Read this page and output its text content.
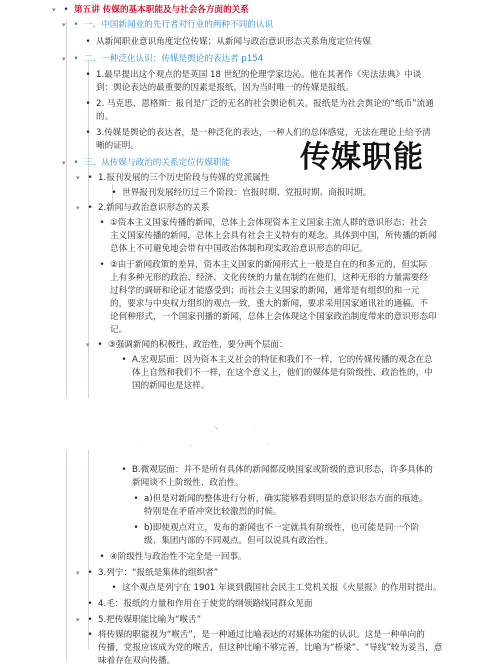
▾ • 第五讲 传媒的基本职能及与社会各方面的关系
▾ • 一、中国新闻业的先行者对行业的两种不同的认识
• 从新闻职业意识角度定位传媒；从新闻与政治意识形态关系角度定位传媒
▾ • 二、一种泛化认识：传媒是舆论的表达者 p154
• 1.最早提出这个观点的是英国 18 世纪的伦理学家边沁。他在其著作《宪法法典》中谈
到：舆论表达的最重要的因素是报纸，因为当时唯一的传媒是报纸。
• 2. 马克思、恩格斯：报刊是广泛的无名的社会舆论机关。报纸是为社会舆论的“纸币”流通
的。
• 3.传媒是舆论的表达者，是一种泛化的表达，一种人们的总体感觉，无法在理论上给予清
晰的证明。
▾ • 三、从传媒与政治的关系定位传媒职能
▾ • 1.报刊发展的三个历史阶段与传媒的党派属性
• 世界报刊发展经历过三个阶段：官报时期、党报时期、商报时期。
▾ • 2.新闻与政治意识形态的关系
• ①资本主义国家传播的新闻，总体上会体现资本主义国家主流人群的意识形态；社会
主义国家传播的新闻，总体上会具有社会主义特有的观念。具体到中国，所传播的新闻
总体上不可避免地会带有中国政治体制和现实政治意识形态的印记。
• ②由于新闻政策的差异，资本主义国家的新闻形式上一般是自在的和多元的，但实际
上有多种无形的政治、经济、文化传统的力量在制约在他们，这种无形的力量需要经
过科学的调研和论证才能感受到；而社会主义国家的新闻，通常是有组织的和一元
的，要求与中央权力组织的观点一致，重大的新闻，要求采用国家通讯社的通稿。不
论何种形式，一个国家刊播的新闻，总体上会体现这个国家政治制度带来的意识形态印
记。
▾ • ③强调新闻的积极性、政治性，要分两个层面：
• A.宏观层面：因为资本主义社会的特征和我们不一样，它的传媒传播的观念在总
体上自然和我们不一样，在这个意义上，他们的媒体是有阶级性、政治性的，中
国的新闻也是这样。
• B.微观层面：并不是所有具体的新闻都反映国家或阶级的意识形态，许多具体的
新闻谈不上阶级性、政治性。
• a)但是对新闻的整体进行分析，确实能够看到明显的意识形态方面的痕迹。
特别是在矛盾冲突比较激烈的时候。
• b)即使观点对立，发布的新闻也不一定就具有阶级性，也可能是同一个阶
级、集团内部的不同观点。但可以说具有政治性。
• ④阶级性与政治性不完全是一回事。
▾ • 3.列宁：“报纸是集体的组织者”
• 这个观点是列宁在 1901 年谈到俄国社会民主工党机关报《火星报》的作用时提出。
• 4.毛：报纸的力量和作用在于使党的纲领路线同群众见面
▾ • 5.把传媒职能比喻为“喉舌”
• 将传媒的职能视为“喉舌”，是一种通过比喻表达的对媒体功能的认识。这是一种单向的
传播，党报应该成为党的喉舌，但这种比喻不够完善，比喻为“桥梁”、“导线”较为妥当，意
味着存在双向传播。
传媒职能
新闻理论十讲
